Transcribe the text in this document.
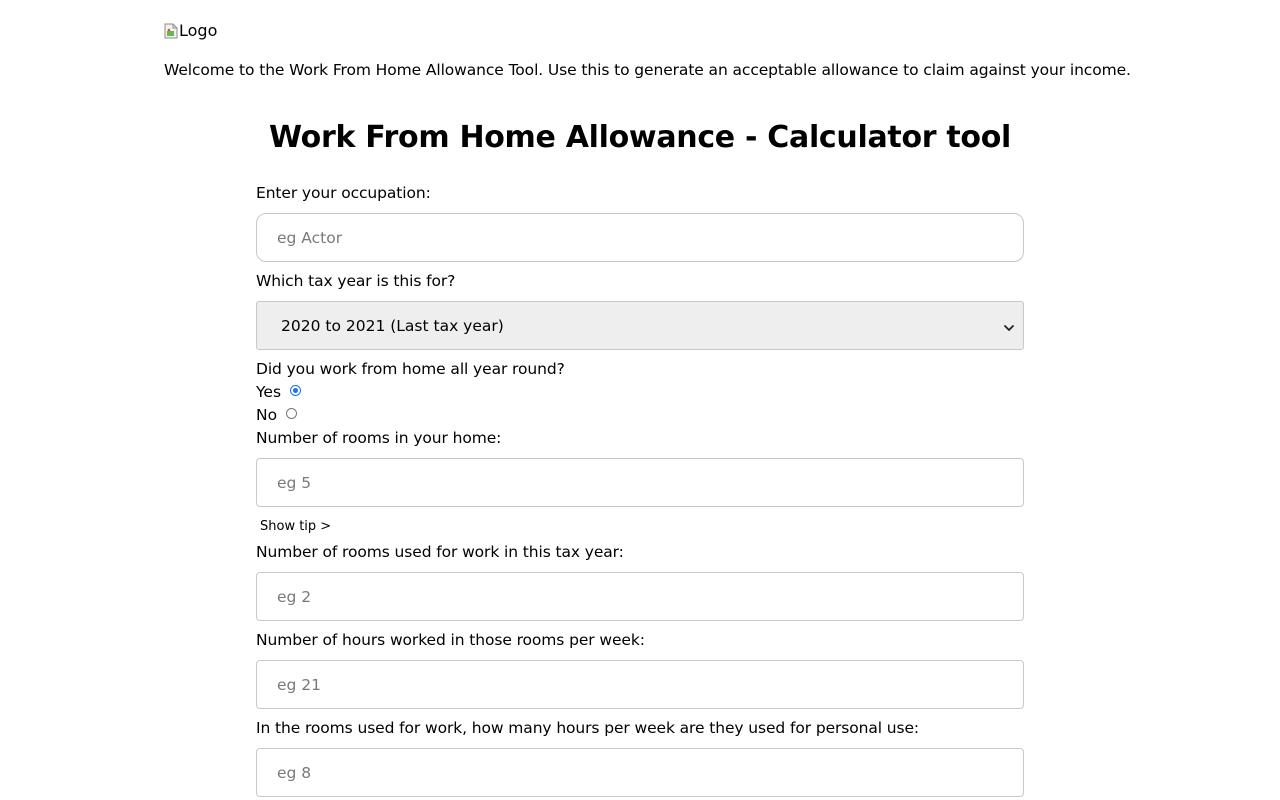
Logo
Welcome to the Work From Home Allowance Tool. Use this to generate an acceptable allowance to claim against your income.
Work From Home Allowance - Calculator tool
Enter your occupation:
eg Actor
Which tax year is this for?
2020 to 2021 (Last tax year)
Did you work from home all year round?
Yes
No
Number of rooms in your home:
eg 5
Show tip >
Number of rooms used for work in this tax year:
eg 2
Number of hours worked in those rooms per week:
eg 21
In the rooms used for work, how many hours per week are they used for personal use:
eg 8
